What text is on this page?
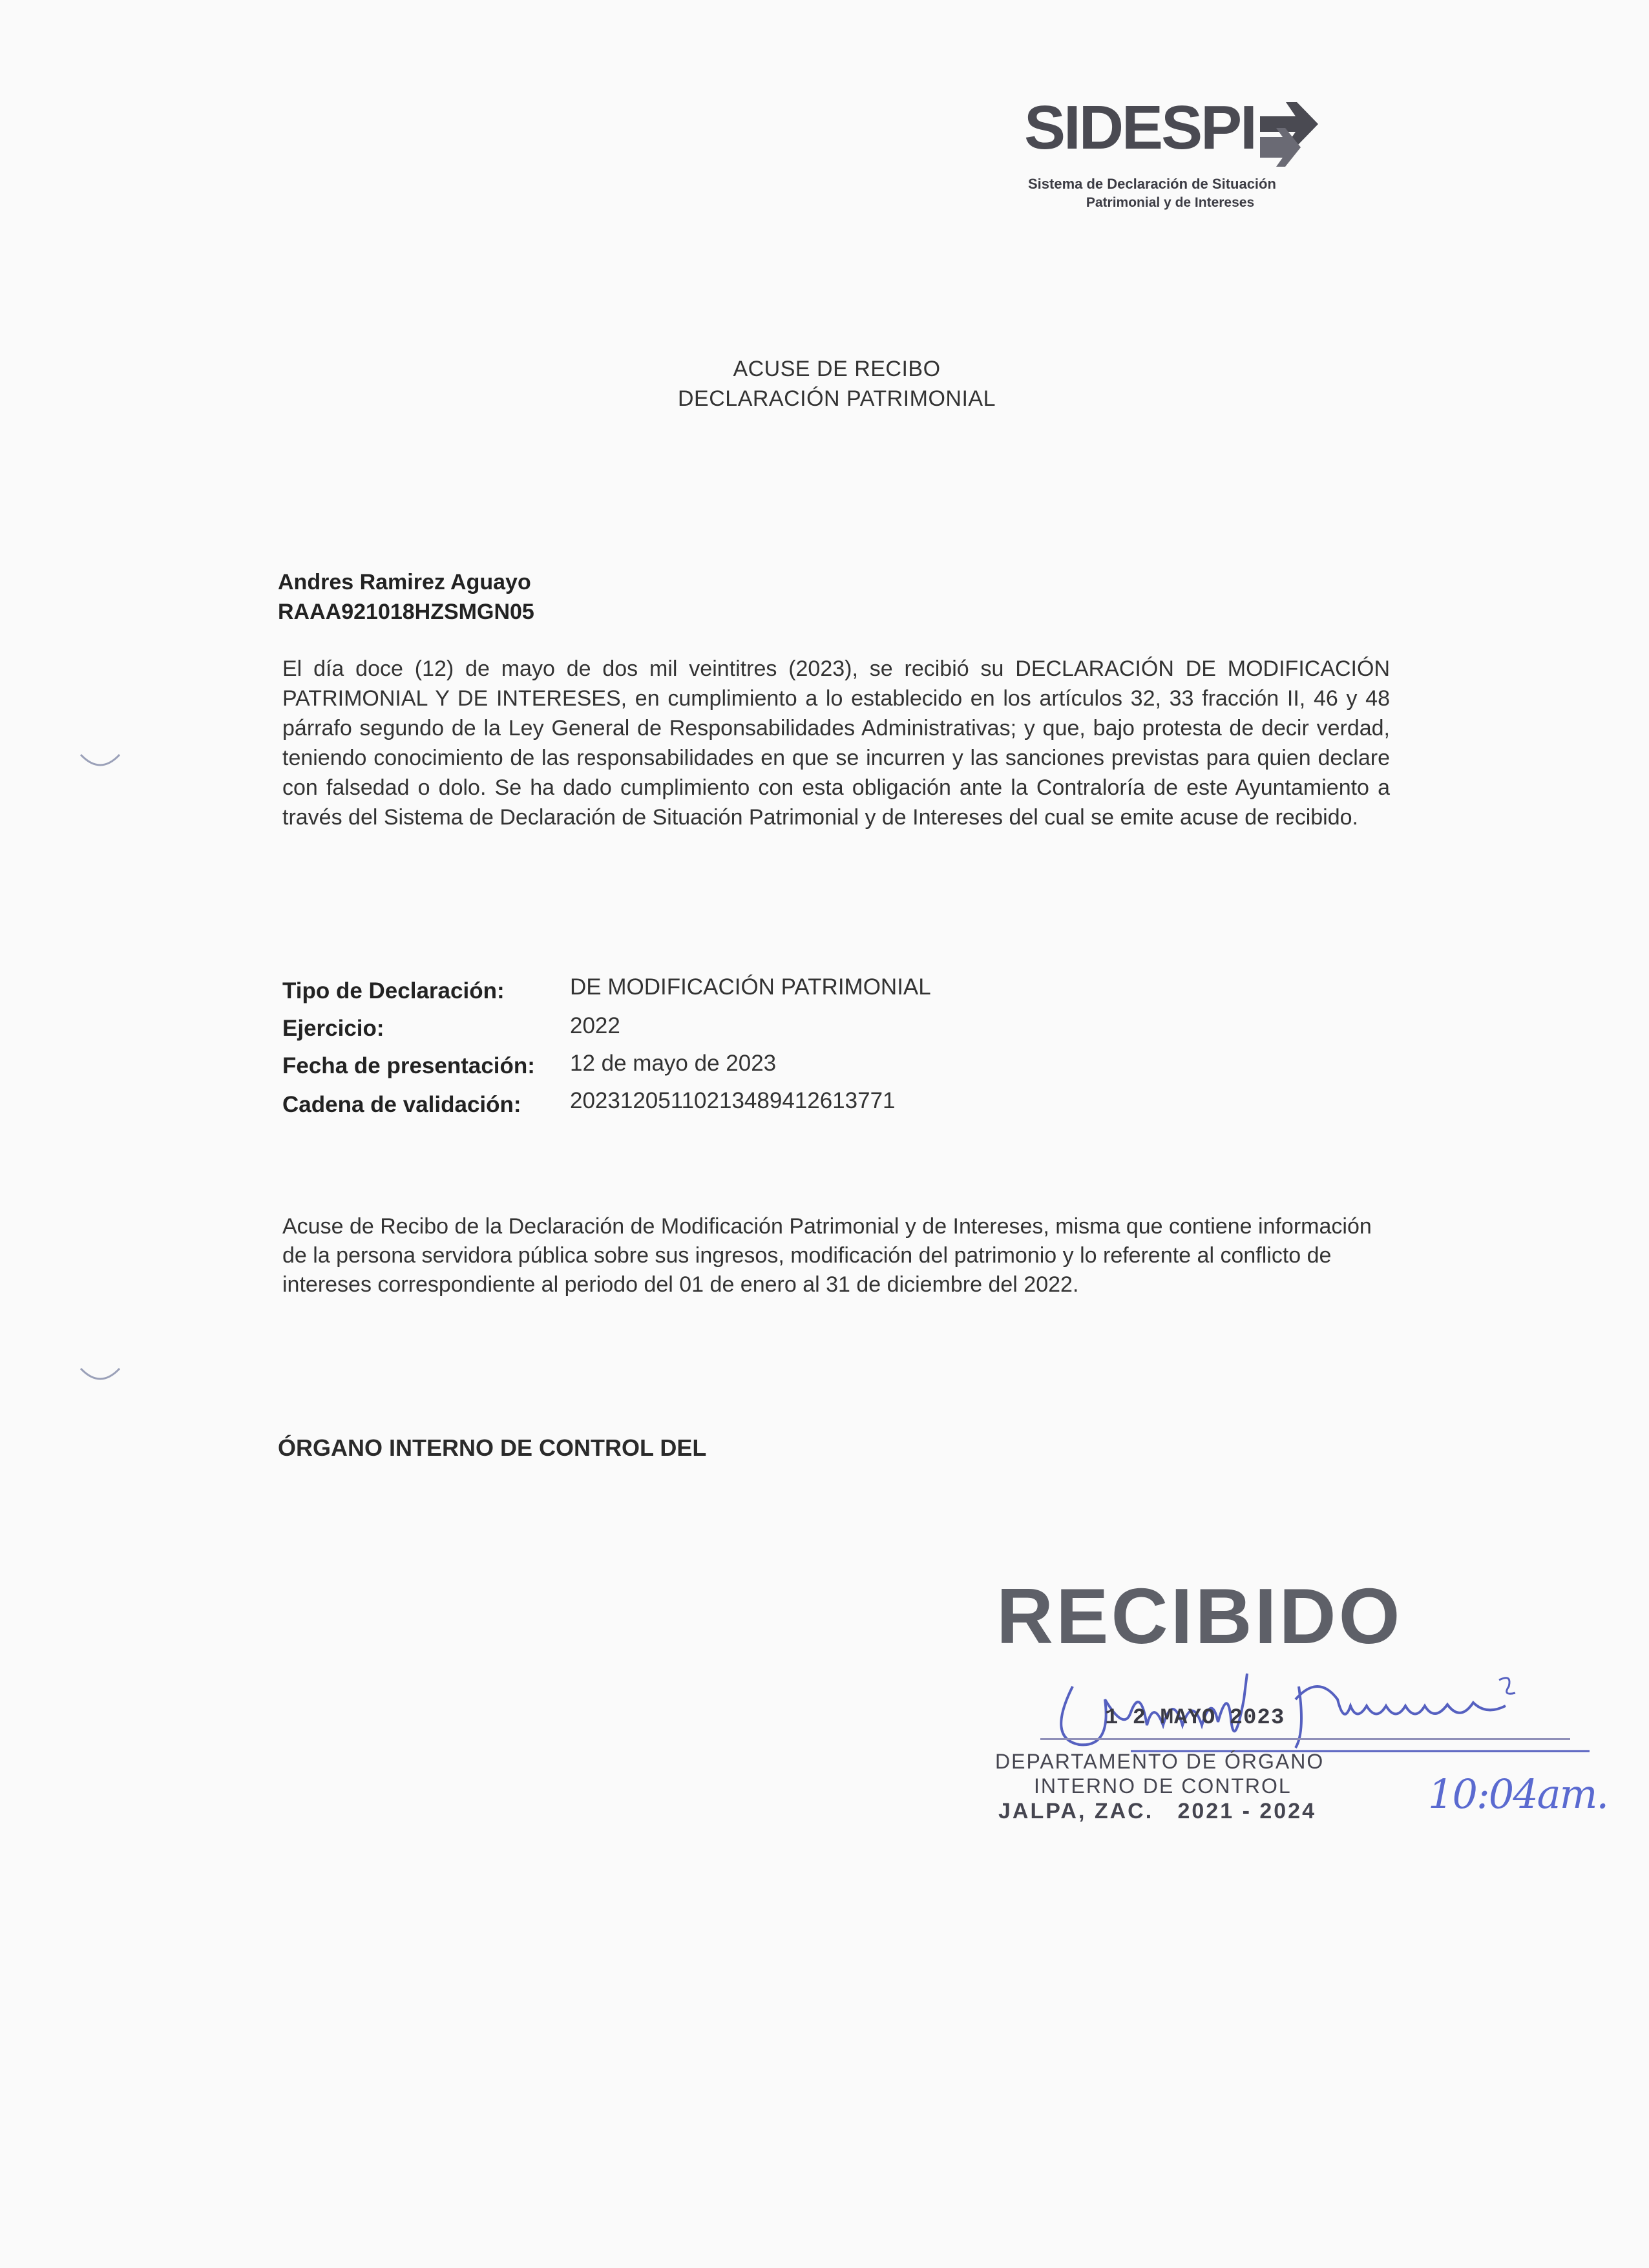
SIDESPI
Sistema de Declaración de Situación
Patrimonial y de Intereses
ACUSE DE RECIBO
DECLARACIÓN PATRIMONIAL
Andres Ramirez Aguayo
RAAA921018HZSMGN05
El día doce (12) de mayo de dos mil veintitres (2023), se recibió su DECLARACIÓN DE MODIFICACIÓN PATRIMONIAL Y DE INTERESES, en cumplimiento a lo establecido en los artículos 32, 33 fracción II, 46 y 48 párrafo segundo de la Ley General de Responsabilidades Administrativas; y que, bajo protesta de decir verdad, teniendo conocimiento de las responsabilidades en que se incurren y las sanciones previstas para quien declare con falsedad o dolo. Se ha dado cumplimiento con esta obligación ante la Contraloría de este Ayuntamiento a través del Sistema de Declaración de Situación Patrimonial y de Intereses del cual se emite acuse de recibido.
Tipo de Declaración:	DE MODIFICACIÓN PATRIMONIAL
Ejercicio:	2022
Fecha de presentación: 12 de mayo de 2023
Cadena de validación: 20231205110213489412613771
Acuse de Recibo de la Declaración de Modificación Patrimonial y de Intereses, misma que contiene información de la persona servidora pública sobre sus ingresos, modificación del patrimonio y lo referente al conflicto de intereses correspondiente al periodo del 01 de enero al 31 de diciembre del 2022.
ÓRGANO INTERNO DE CONTROL DEL
RECIBIDO
1 2 MAYO 2023
DEPARTAMENTO DE ÓRGANO
INTERNO DE CONTROL
JALPA, ZAC.   2021 - 2024	10:04am.
